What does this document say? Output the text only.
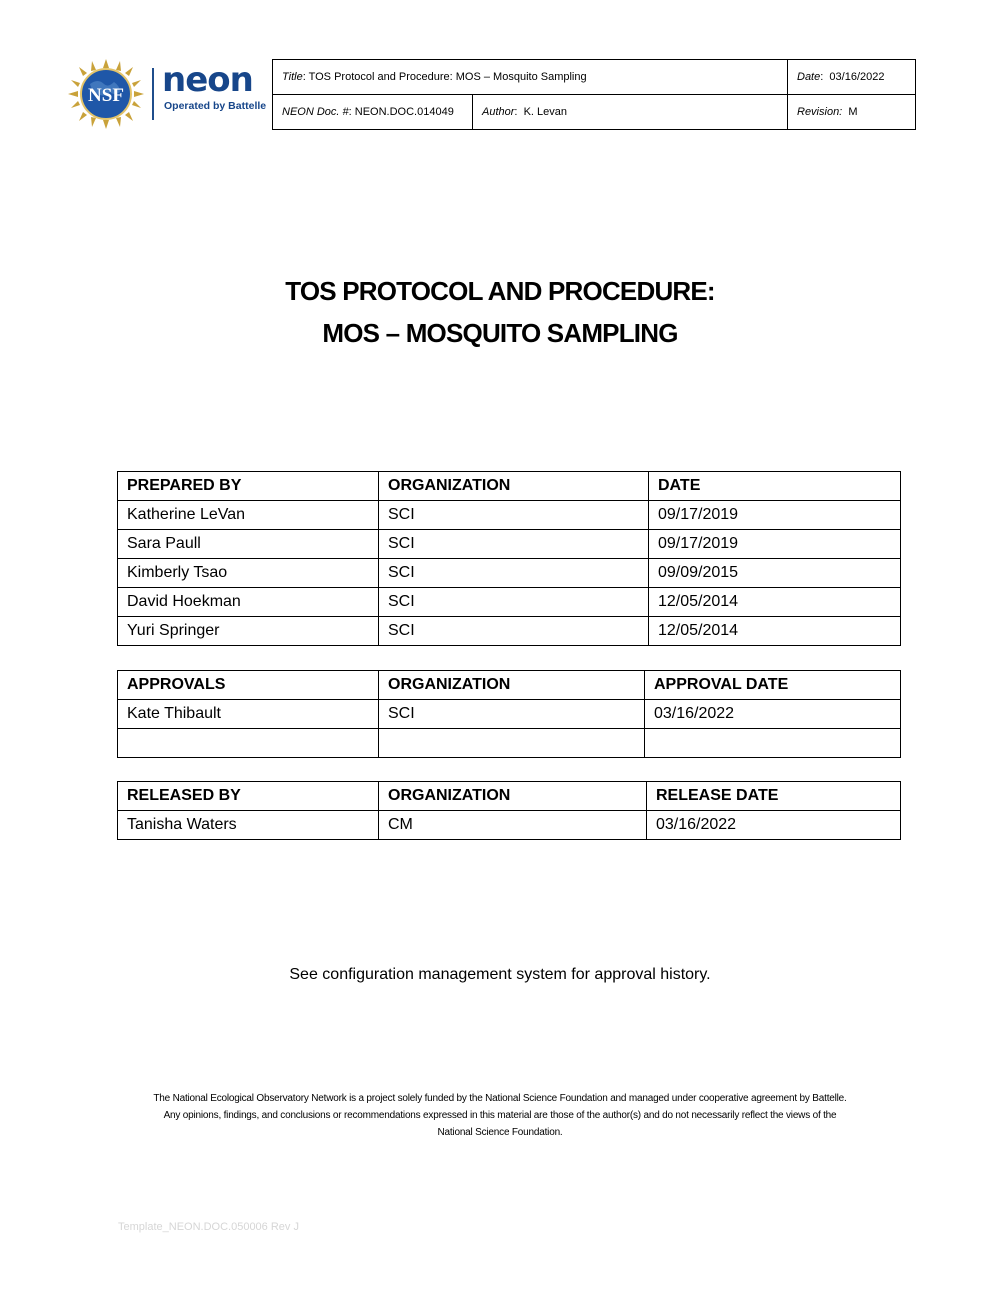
NSF neon
Operated by Battelle
Title: TOS Protocol and Procedure: MOS – Mosquito Sampling		Date:  03/16/2022
NEON Doc. #: NEON.DOC.014049	Author:  K. Levan	Revision: M
TOS PROTOCOL AND PROCEDURE:
MOS – MOSQUITO SAMPLING
PREPARED BY	ORGANIZATION	DATE
Katherine LeVan	SCI	09/17/2019
Sara Paull	SCI	09/17/2019
Kimberly Tsao	SCI	09/09/2015
David Hoekman	SCI	12/05/2014
Yuri Springer	SCI	12/05/2014
APPROVALS	ORGANIZATION	APPROVAL DATE
Kate Thibault	SCI	03/16/2022

RELEASED BY	ORGANIZATION	RELEASE DATE
Tanisha Waters	CM	03/16/2022
See configuration management system for approval history.
The National Ecological Observatory Network is a project solely funded by the National Science Foundation and managed under cooperative agreement by Battelle.
Any opinions, findings, and conclusions or recommendations expressed in this material are those of the author(s) and do not necessarily reflect the views of the
National Science Foundation.
Template_NEON.DOC.050006 Rev J
